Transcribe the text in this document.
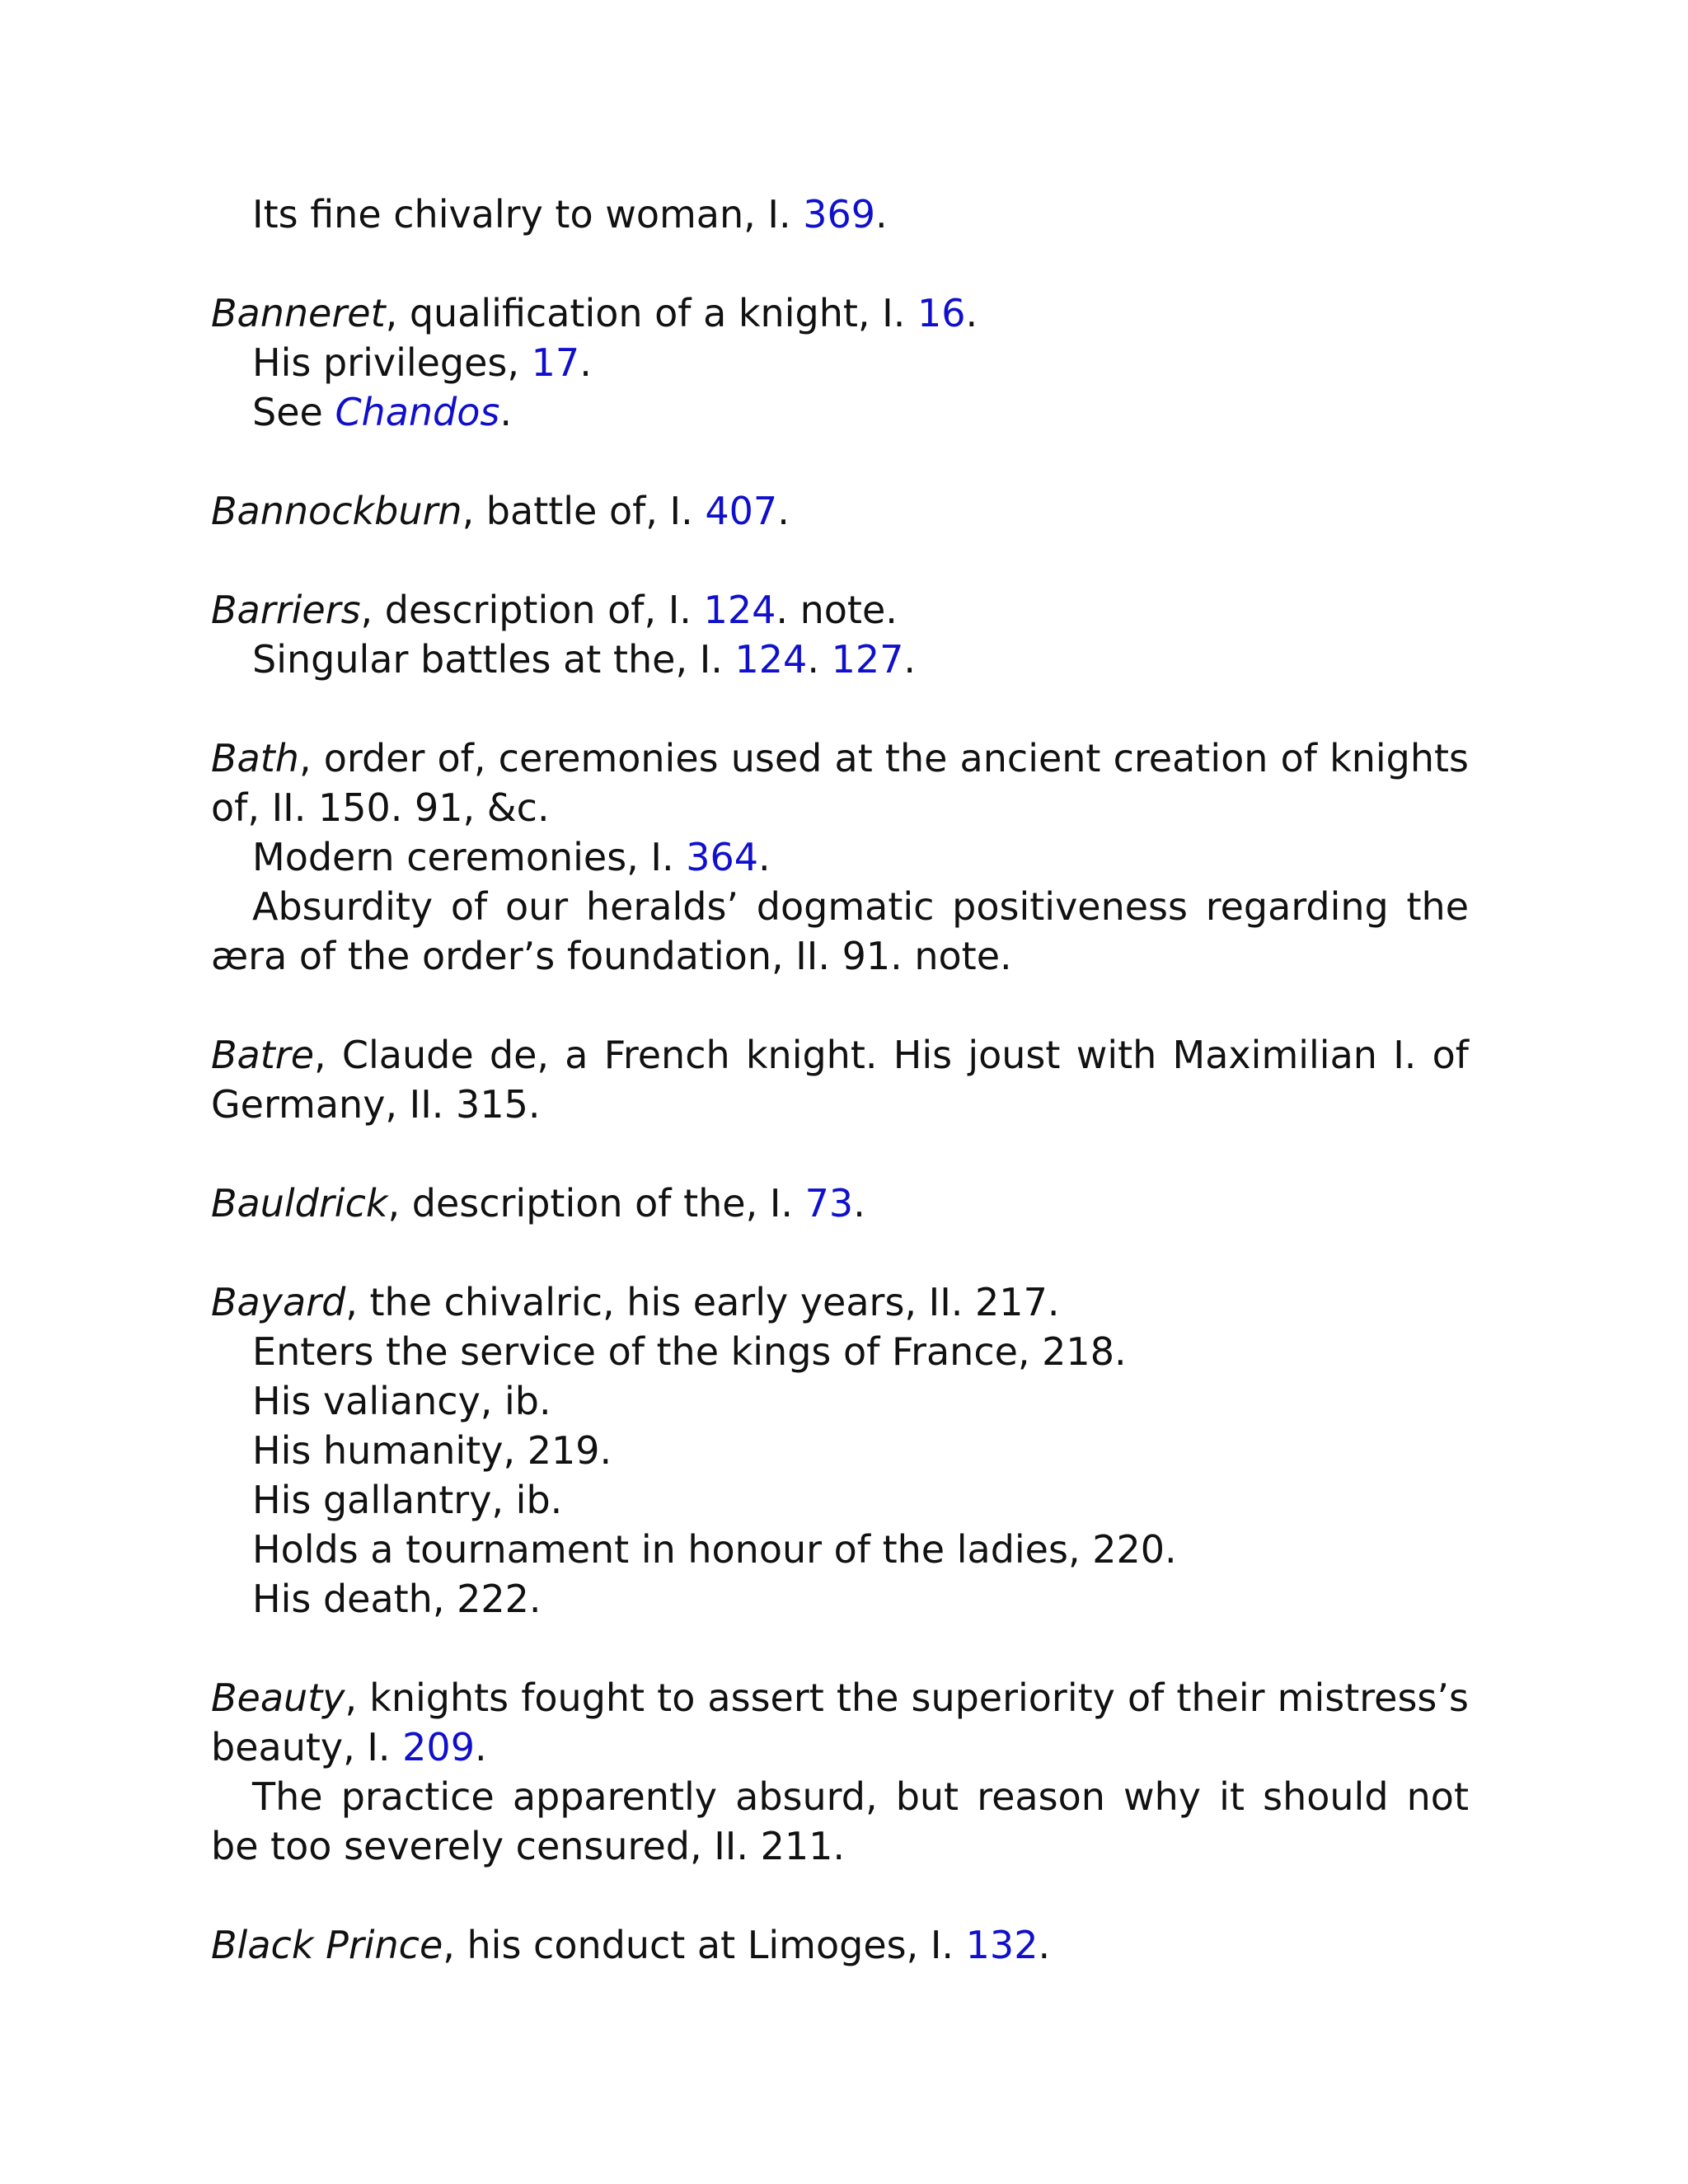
Its fine chivalry to woman, I. 369.

Banneret, qualification of a knight, I. 16.

His privileges, 17.

See Chandos.

Bannockburn, battle of, I. 407.

Barriers, description of, I. 124. note.

Singular battles at the, I. 124. 127.

Bath, order of, ceremonies used at the ancient creation of knights of, II. 150. 91, &c.

Modern ceremonies, I. 364.

Absurdity of our heralds’ dogmatic positiveness regarding the æra of the order’s foundation, II. 91. note.

Batre, Claude de, a French knight. His joust with Maximilian I. of Germany, II. 315.

Bauldrick, description of the, I. 73.

Bayard, the chivalric, his early years, II. 217.

Enters the service of the kings of France, 218.

His valiancy, ib.

His humanity, 219.

His gallantry, ib.

Holds a tournament in honour of the ladies, 220.

His death, 222.

Beauty, knights fought to assert the superiority of their mistress’s beauty, I. 209.

The practice apparently absurd, but reason why it should not be too severely censured, II. 211.

Black Prince, his conduct at Limoges, I. 132.
